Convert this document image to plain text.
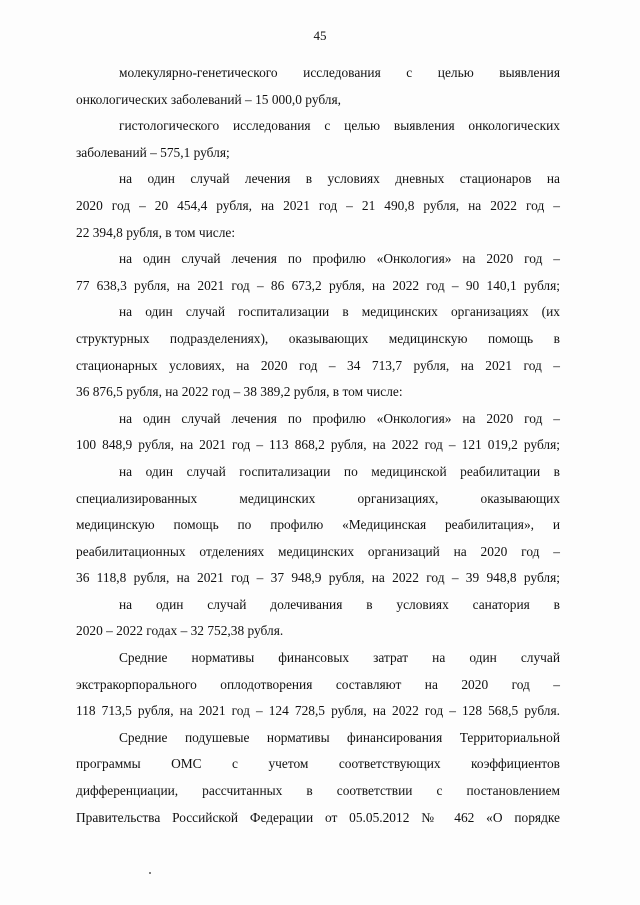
45
молекулярно-генетического исследования с целью выявления
онкологических заболеваний – 15 000,0 рубля,
гистологического исследования с целью выявления онкологических
заболеваний – 575,1 рубля;
на один случай лечения в условиях дневных стационаров на
2020 год – 20 454,4 рубля, на 2021 год – 21 490,8 рубля, на 2022 год –
22 394,8 рубля, в том числе:
на один случай лечения по профилю «Онкология» на 2020 год –
77 638,3 рубля, на 2021 год – 86 673,2 рубля, на 2022 год – 90 140,1 рубля;
на один случай госпитализации в медицинских организациях (их
структурных подразделениях), оказывающих медицинскую помощь в
стационарных условиях, на 2020 год – 34 713,7 рубля, на 2021 год –
36 876,5 рубля, на 2022 год – 38 389,2 рубля, в том числе:
на один случай лечения по профилю «Онкология» на 2020 год –
100 848,9 рубля, на 2021 год – 113 868,2 рубля, на 2022 год – 121 019,2 рубля;
на один случай госпитализации по медицинской реабилитации в
специализированных медицинских организациях, оказывающих
медицинскую помощь по профилю «Медицинская реабилитация», и
реабилитационных отделениях медицинских организаций на 2020 год –
36 118,8 рубля, на 2021 год – 37 948,9 рубля, на 2022 год – 39 948,8 рубля;
на один случай долечивания в условиях санатория в
2020 – 2022 годах – 32 752,38 рубля.
Средние нормативы финансовых затрат на один случай
экстракорпорального оплодотворения составляют на 2020 год –
118 713,5 рубля, на 2021 год – 124 728,5 рубля, на 2022 год – 128 568,5 рубля.
Средние подушевые нормативы финансирования Территориальной
программы ОМС с учетом соответствующих коэффициентов
дифференциации, рассчитанных в соответствии с постановлением
Правительства Российской Федерации от 05.05.2012 № 462 «О порядке
